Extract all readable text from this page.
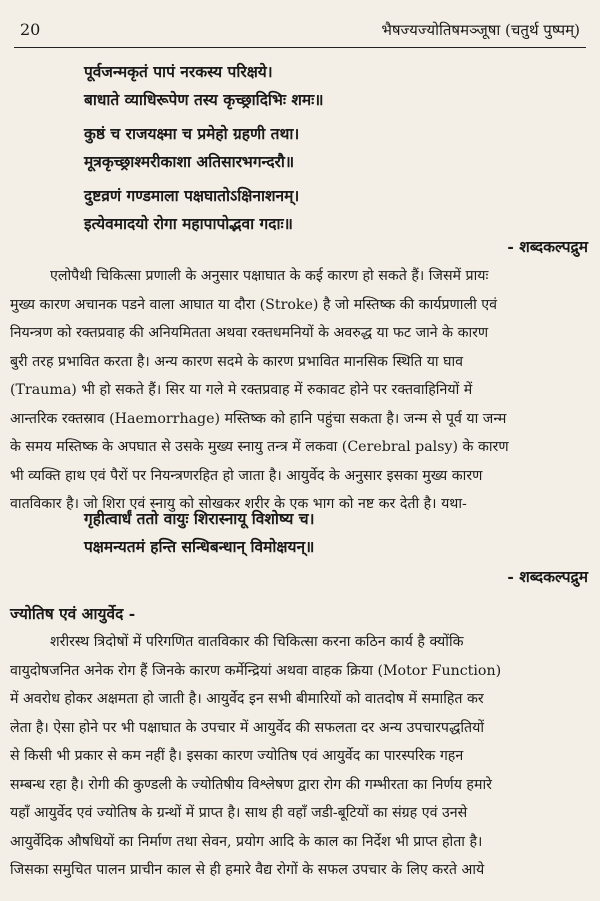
20	भैषज्यज्योतिषमञ्जूषा (चतुर्थ पुष्पम्)
पूर्वजन्मकृतं पापं नरकस्य परिक्षये।
बाधाते व्याधिरूपेण तस्य कृच्छ्रादिभिः शमः॥
कुष्ठं च राजयक्ष्मा च प्रमेहो ग्रहणी तथा।
मूत्रकृच्छ्राश्मरीकाशा अतिसारभगन्दरौ॥
दुष्टव्रणं गण्डमाला पक्षघातोऽक्षिनाशनम्।
इत्येवमादयो रोगा महापापोद्भवा गदाः॥
- शब्दकल्पद्रुम
एलोपैथी चिकित्सा प्रणाली के अनुसार पक्षाघात के कई कारण हो सकते हैं। जिसमें प्रायः
मुख्य कारण अचानक पडने वाला आघात या दौरा (Stroke) है जो मस्तिष्क की कार्यप्रणाली एवं
नियन्त्रण को रक्तप्रवाह की अनियमितता अथवा रक्तधमनियों के अवरुद्ध या फट जाने के कारण
बुरी तरह प्रभावित करता है। अन्य कारण सदमे के कारण प्रभावित मानसिक स्थिति या घाव
(Trauma) भी हो सकते हैं। सिर या गले मे रक्तप्रवाह में रुकावट होने पर रक्तवाहिनियों में
आन्तरिक रक्तस्राव (Haemorrhage) मस्तिष्क को हानि पहुंचा सकता है। जन्म से पूर्व या जन्म
के समय मस्तिष्क के अपघात से उसके मुख्य स्नायु तन्त्र में लकवा (Cerebral palsy) के कारण
भी व्यक्ति हाथ एवं पैरों पर नियन्त्रणरहित हो जाता है। आयुर्वेद के अनुसार इसका मुख्य कारण
वातविकार है। जो शिरा एवं स्नायु को सोखकर शरीर के एक भाग को नष्ट कर देती है। यथा-
गृहीत्वार्धं ततो वायुः शिरास्नायू विशोष्य च।
पक्षमन्यतमं हन्ति सन्धिबन्धान् विमोक्षयन्॥
- शब्दकल्पद्रुम
ज्योतिष एवं आयुर्वेद -
शरीरस्थ त्रिदोषों में परिगणित वातविकार की चिकित्सा करना कठिन कार्य है क्योंकि
वायुदोषजनित अनेक रोग हैं जिनके कारण कर्मेन्द्रियां अथवा वाहक क्रिया (Motor Function)
में अवरोध होकर अक्षमता हो जाती है। आयुर्वेद इन सभी बीमारियों को वातदोष में समाहित कर
लेता है। ऐसा होने पर भी पक्षाघात के उपचार में आयुर्वेद की सफलता दर अन्य उपचारपद्धतियों
से किसी भी प्रकार से कम नहीं है। इसका कारण ज्योतिष एवं आयुर्वेद का पारस्परिक गहन
सम्बन्ध रहा है। रोगी की कुण्डली के ज्योतिषीय विश्लेषण द्वारा रोग की गम्भीरता का निर्णय हमारे
यहाँ आयुर्वेद एवं ज्योतिष के ग्रन्थों में प्राप्त है। साथ ही वहाँ जडी-बूटियों का संग्रह एवं उनसे
आयुर्वेदिक औषधियों का निर्माण तथा सेवन, प्रयोग आदि के काल का निर्देश भी प्राप्त होता है।
जिसका समुचित पालन प्राचीन काल से ही हमारे वैद्य रोगों के सफल उपचार के लिए करते आये
